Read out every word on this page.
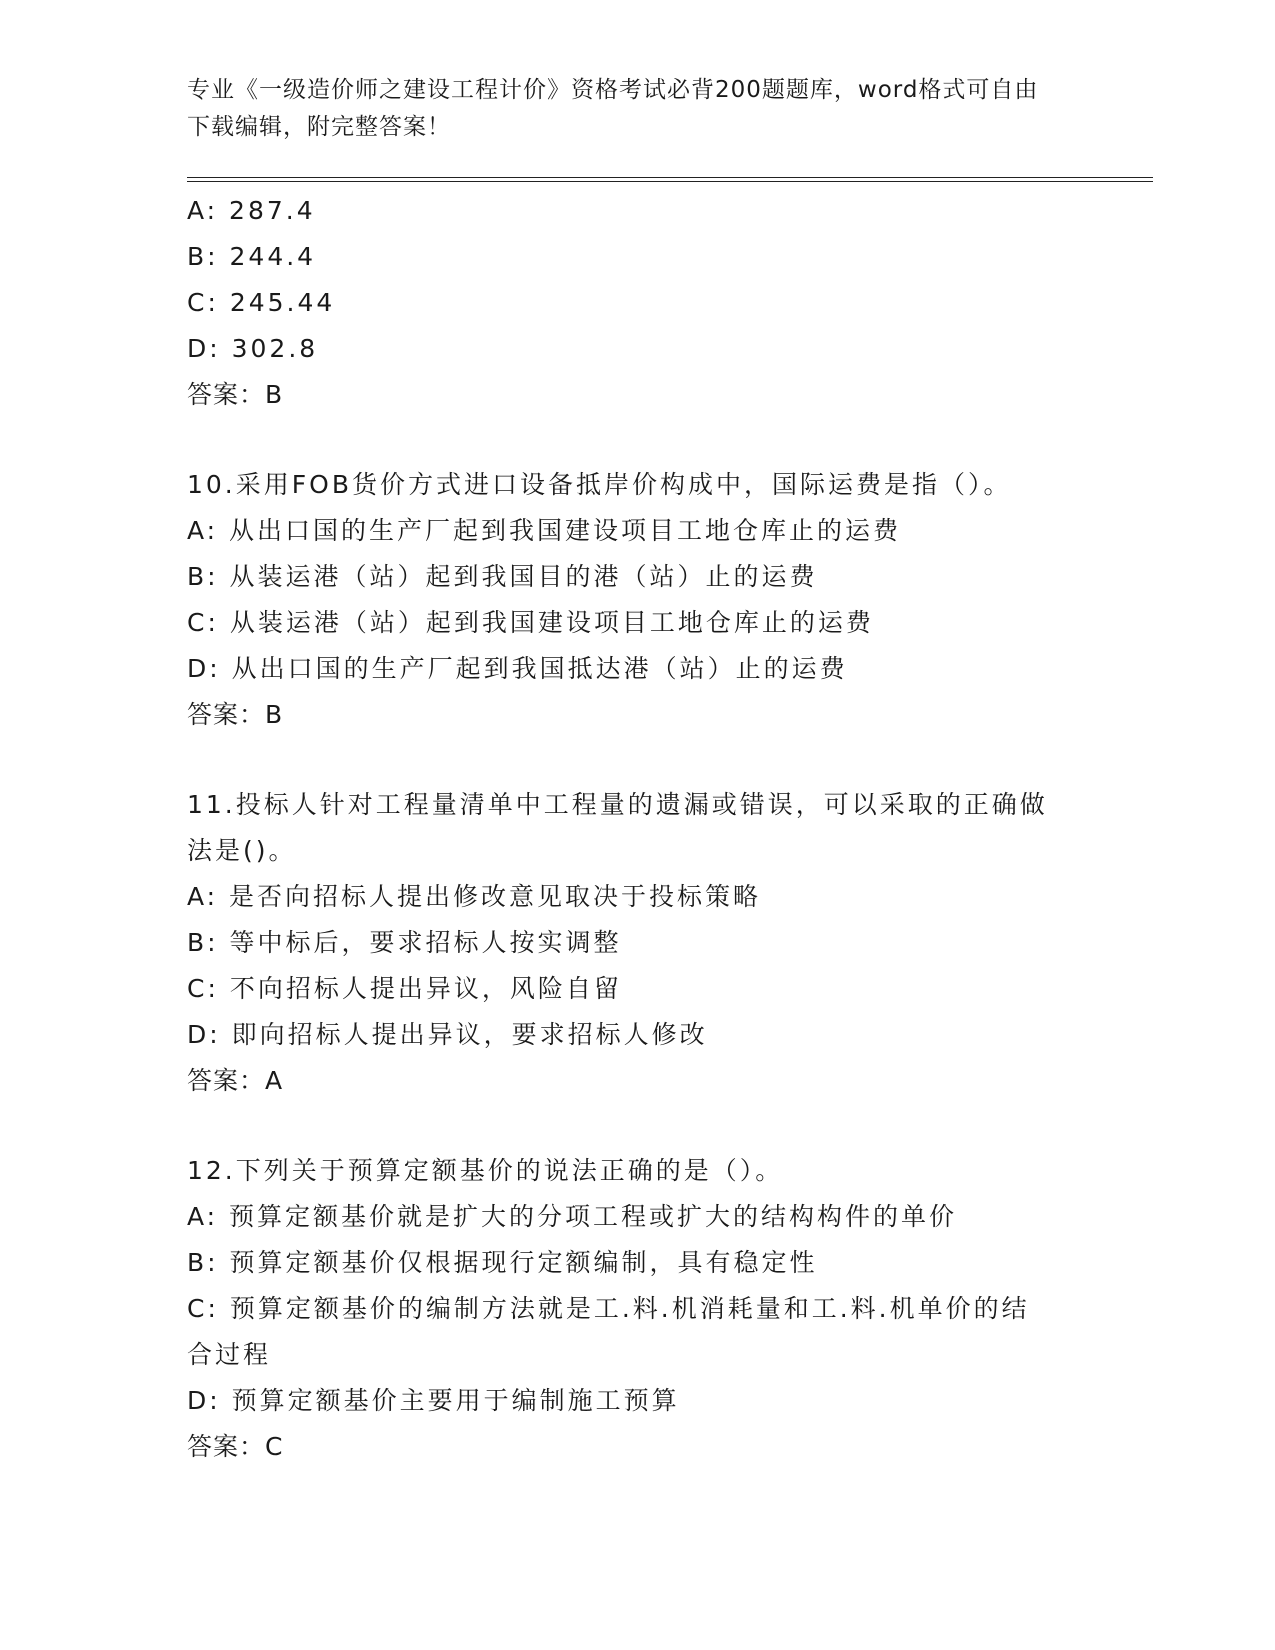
专业《一级造价师之建设工程计价》资格考试必背200题题库，word格式可自由
下载编辑，附完整答案！
A: 287.4
B: 244.4
C: 245.44
D: 302.8
答案：B
10.采用FOB货价方式进口设备抵岸价构成中，国际运费是指（）。
A: 从出口国的生产厂起到我国建设项目工地仓库止的运费
B: 从装运港（站）起到我国目的港（站）止的运费
C: 从装运港（站）起到我国建设项目工地仓库止的运费
D: 从出口国的生产厂起到我国抵达港（站）止的运费
答案：B
11.投标人针对工程量清单中工程量的遗漏或错误，可以采取的正确做
法是()。
A: 是否向招标人提出修改意见取决于投标策略
B: 等中标后，要求招标人按实调整
C: 不向招标人提出异议，风险自留
D: 即向招标人提出异议，要求招标人修改
答案：A
12.下列关于预算定额基价的说法正确的是（）。
A: 预算定额基价就是扩大的分项工程或扩大的结构构件的单价
B: 预算定额基价仅根据现行定额编制，具有稳定性
C: 预算定额基价的编制方法就是工.料.机消耗量和工.料.机单价的结
合过程
D: 预算定额基价主要用于编制施工预算
答案：C
